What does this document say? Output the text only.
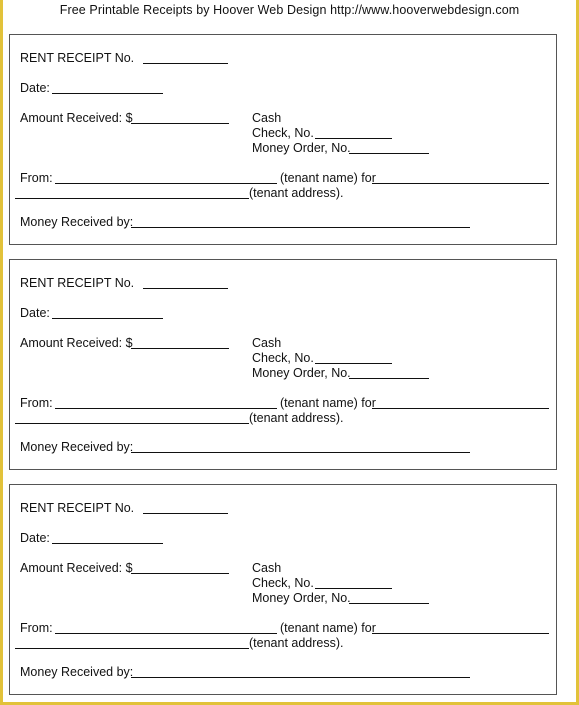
Free Printable Receipts by Hoover Web Design http://www.hooverwebdesign.com
RENT RECEIPT No.
Date:
Amount Received: $	Cash
Check, No.
Money Order, No.
From:	(tenant name) for
(tenant address).
Money Received by:
RENT RECEIPT No.
Date:
Amount Received: $	Cash
Check, No.
Money Order, No.
From:	(tenant name) for
(tenant address).
Money Received by:
RENT RECEIPT No.
Date:
Amount Received: $	Cash
Check, No.
Money Order, No.
From:	(tenant name) for
(tenant address).
Money Received by:
